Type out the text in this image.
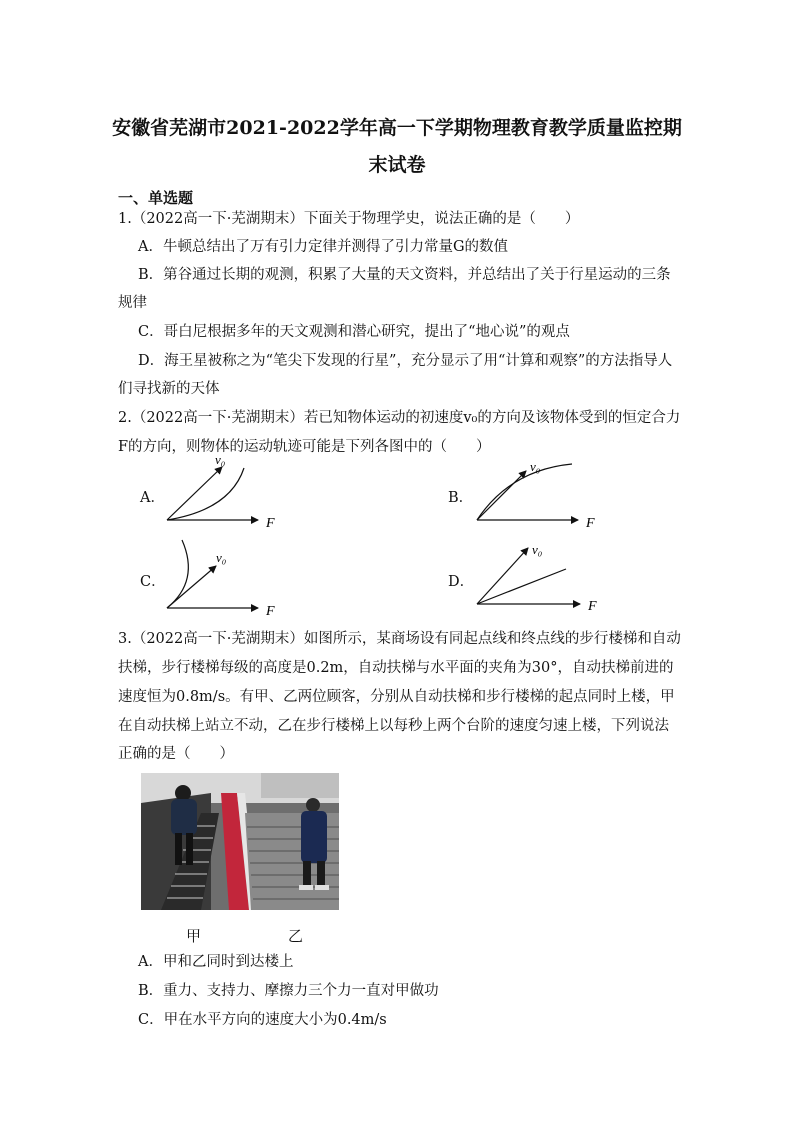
安徽省芜湖市2021-2022学年高一下学期物理教育教学质量监控期
末试卷
一、单选题
1.（2022高一下·芜湖期末）下面关于物理学史，说法正确的是（　　）
A．牛顿总结出了万有引力定律并测得了引力常量G的数值
B．第谷通过长期的观测，积累了大量的天文资料，并总结出了关于行星运动的三条
规律
C．哥白尼根据多年的天文观测和潜心研究，提出了“地心说”的观点
D．海王星被称之为“笔尖下发现的行星”，充分显示了用“计算和观察”的方法指导人
们寻找新的天体
2.（2022高一下·芜湖期末）若已知物体运动的初速度v₀的方向及该物体受到的恒定合力
F的方向，则物体的运动轨迹可能是下列各图中的（　　）
A．	B．
C．	D．
v₀
F
v₀
F
v₀
F
v₀
F
3.（2022高一下·芜湖期末）如图所示，某商场设有同起点线和终点线的步行楼梯和自动
扶梯，步行楼梯每级的高度是0.2m，自动扶梯与水平面的夹角为30°，自动扶梯前进的
速度恒为0.8m/s。有甲、乙两位顾客，分别从自动扶梯和步行楼梯的起点同时上楼，甲
在自动扶梯上站立不动，乙在步行楼梯上以每秒上两个台阶的速度匀速上楼，下列说法
正确的是（　　）
甲	乙
A．甲和乙同时到达楼上
B．重力、支持力、摩擦力三个力一直对甲做功
C．甲在水平方向的速度大小为0.4m/s
